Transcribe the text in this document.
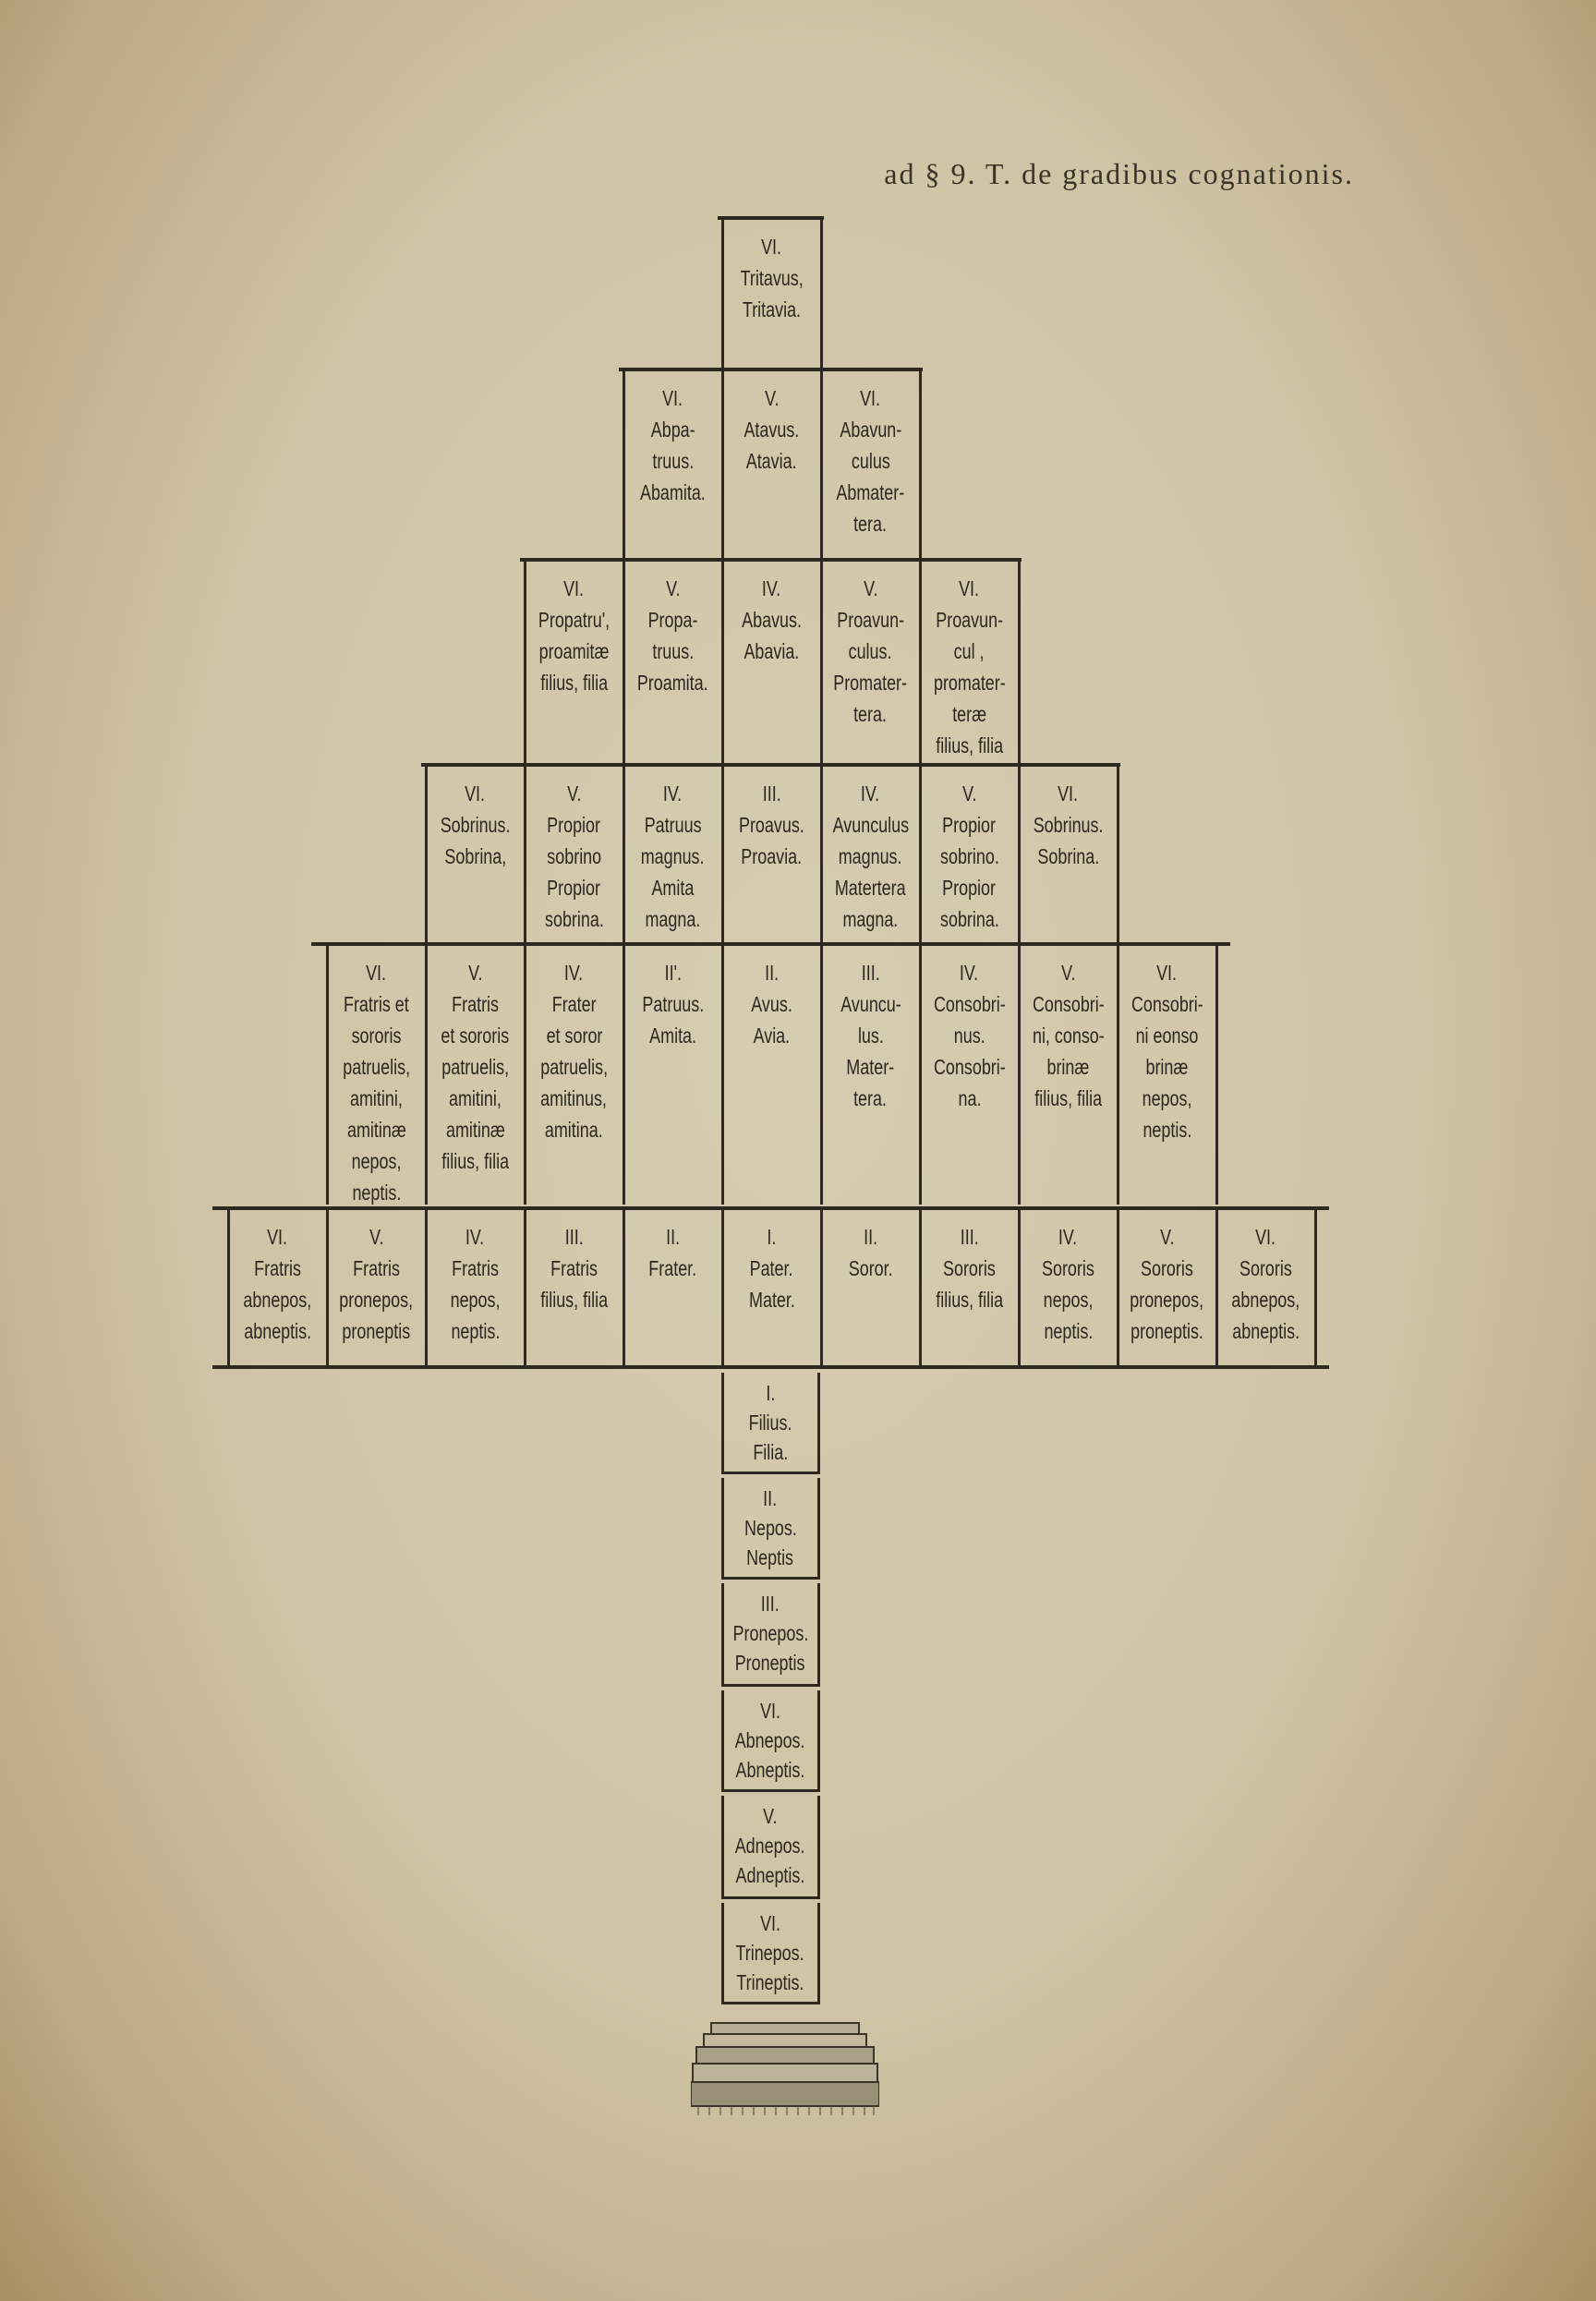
ad § 9. T. de gradibus cognationis.
VI.
Tritavus,
Tritavia.
VI.
Abpa-
truus.
Abamita.
V.
Atavus.
Atavia.
VI.
Abavun-
culus
Abmater-
tera.
VI.
Propatru',
proamitæ
filius, filia
V.
Propa-
truus.
Proamita.
IV.
Abavus.
Abavia.
V.
Proavun-
culus.
Promater-
tera.
VI.
Proavun-
cul ,
promater-
teræ
filius, filia
VI.
Sobrinus.
Sobrina,
V.
Propior
sobrino
Propior
sobrina.
IV.
Patruus
magnus.
Amita
magna.
III.
Proavus.
Proavia.
IV.
Avunculus
magnus.
Matertera
magna.
V.
Propior
sobrino.
Propior
sobrina.
VI.
Sobrinus.
Sobrina.
VI.
Fratris et
sororis
patruelis,
amitini,
amitinæ
nepos,
neptis.
V.
Fratris
et sororis
patruelis,
amitini,
amitinæ
filius, filia
IV.
Frater
et soror
patruelis,
amitinus,
amitina.
II'.
Patruus.
Amita.
II.
Avus.
Avia.
III.
Avuncu-
lus.
Mater-
tera.
IV.
Consobri-
nus.
Consobri-
na.
V.
Consobri-
ni, conso-
brinæ
filius, filia
VI.
Consobri-
ni eonso
brinæ
nepos,
neptis.
VI.
Fratris
abnepos,
abneptis.
V.
Fratris
pronepos,
proneptis
IV.
Fratris
nepos,
neptis.
III.
Fratris
filius, filia
II.
Frater.
I.
Pater.
Mater.
II.
Soror.
III.
Sororis
filius, filia
IV.
Sororis
nepos,
neptis.
V.
Sororis
pronepos,
proneptis.
VI.
Sororis
abnepos,
abneptis.
I.
Filius.
Filia.
II.
Nepos.
Neptis
III.
Pronepos.
Proneptis
VI.
Abnepos.
Abneptis.
V.
Adnepos.
Adneptis.
VI.
Trinepos.
Trineptis.
